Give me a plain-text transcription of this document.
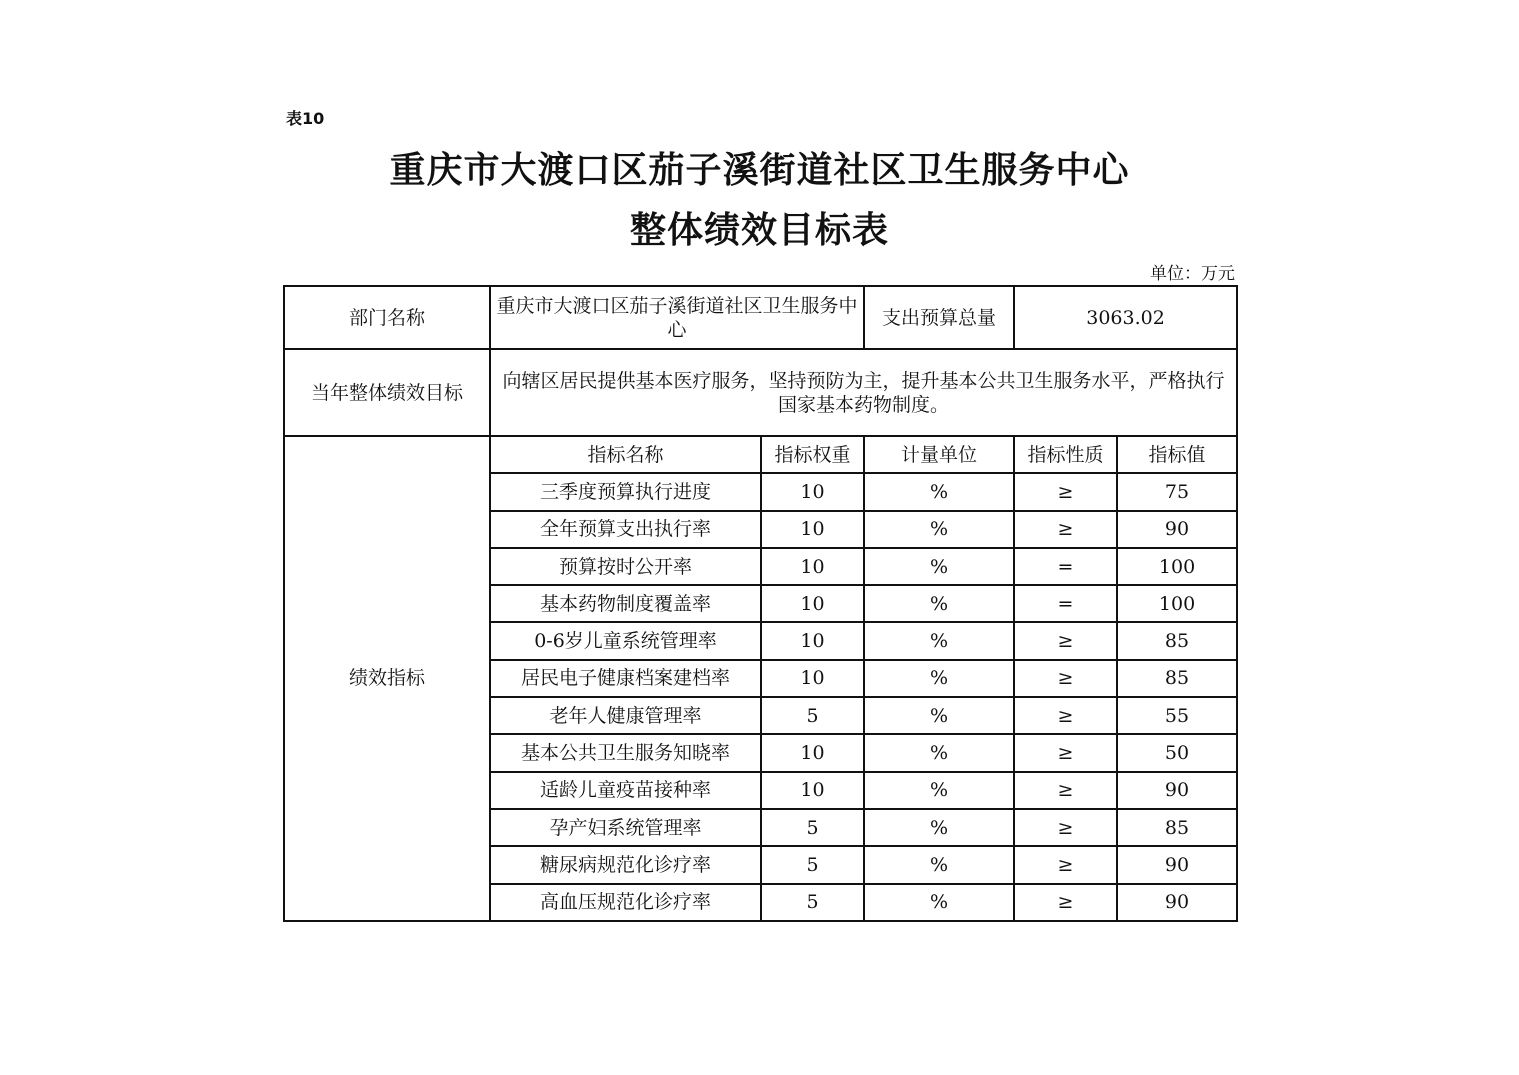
表10
重庆市大渡口区茄子溪街道社区卫生服务中心
整体绩效目标表
单位：万元
部门名称	重庆市大渡口区茄子溪街道社区卫生服务中心		支出预算总量	3063.02	
当年整体绩效目标	向辖区居民提供基本医疗服务，坚持预防为主，提升基本公共卫生服务水平，严格执行国家基本药物制度。				
绩效指标	指标名称	指标权重	计量单位	指标性质	指标值
	三季度预算执行进度	10	%	≥	75
	全年预算支出执行率	10	%	≥	90
	预算按时公开率	10	%	=	100
	基本药物制度覆盖率	10	%	=	100
	0-6岁儿童系统管理率	10	%	≥	85
	居民电子健康档案建档率	10	%	≥	85
	老年人健康管理率	5	%	≥	55
	基本公共卫生服务知晓率	10	%	≥	50
	适龄儿童疫苗接种率	10	%	≥	90
	孕产妇系统管理率	5	%	≥	85
	糖尿病规范化诊疗率	5	%	≥	90
	高血压规范化诊疗率	5	%	≥	90
